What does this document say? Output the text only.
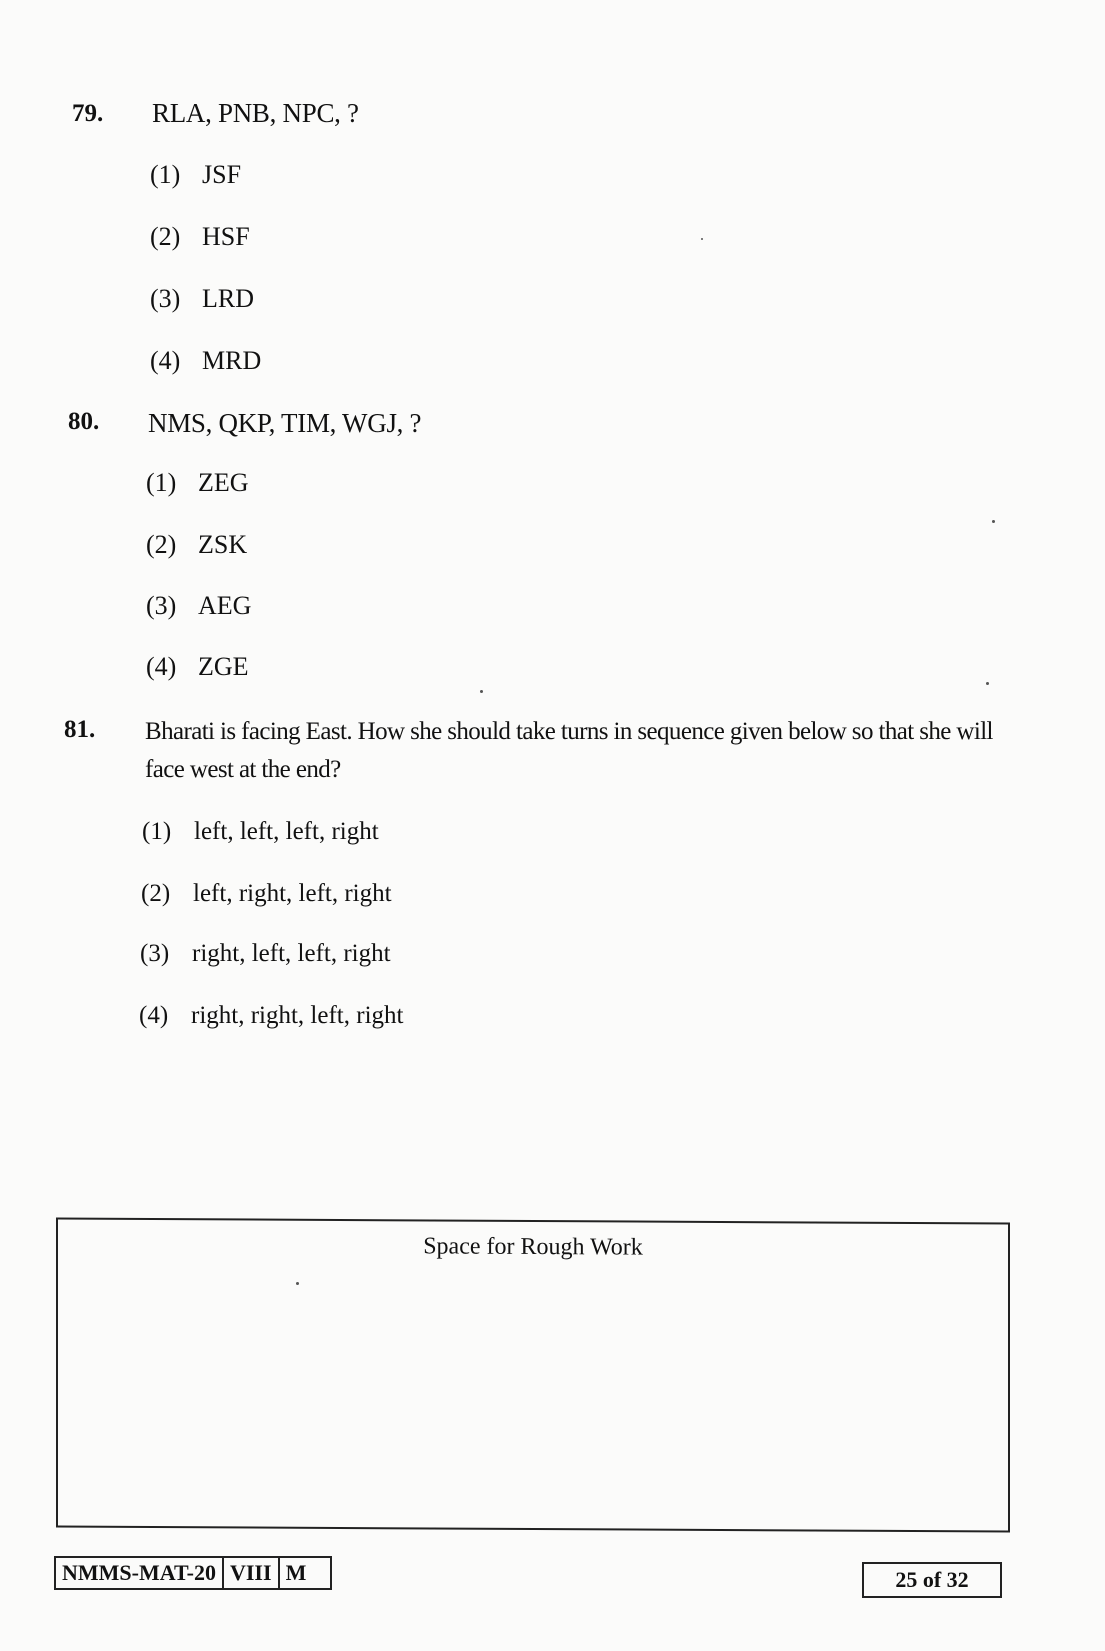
79. RLA, PNB, NPC, ?
(1) JSF
(2) HSF
(3) LRD
(4) MRD
80. NMS, QKP, TIM, WGJ, ?
(1) ZEG
(2) ZSK
(3) AEG
(4) ZGE
81. Bharati is facing East. How she should take turns in sequence given below so that she will
face west at the end?
(1) left, left, left, right
(2) left, right, left, right
(3) right, left, left, right
(4) right, right, left, right
Space for Rough Work
NMMS-MAT-20 VIII M	25 of 32
